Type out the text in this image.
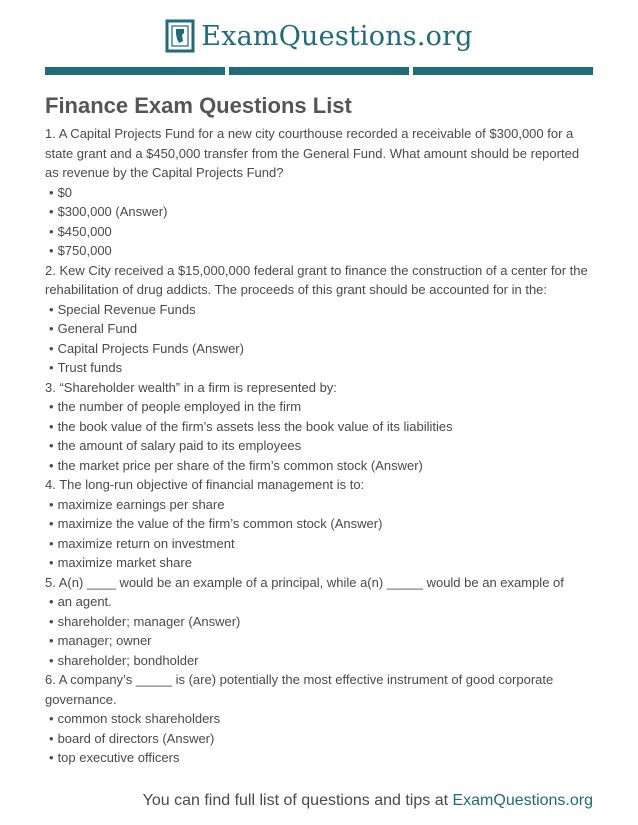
ExamQuestions.org
Finance Exam Questions List

1. A Capital Projects Fund for a new city courthouse recorded a receivable of $300,000 for a state grant and a $450,000 transfer from the General Fund. What amount should be reported as revenue by the Capital Projects Fund?

• $0
• $300,000 (Answer)
• $450,000
• $750,000

2. Kew City received a $15,000,000 federal grant to finance the construction of a center for the rehabilitation of drug addicts. The proceeds of this grant should be accounted for in the:

• Special Revenue Funds
• General Fund
• Capital Projects Funds (Answer)
• Trust funds

3. “Shareholder wealth” in a firm is represented by:

• the number of people employed in the firm
• the book value of the firm’s assets less the book value of its liabilities
• the amount of salary paid to its employees
• the market price per share of the firm’s common stock (Answer)

4. The long-run objective of financial management is to:

• maximize earnings per share
• maximize the value of the firm’s common stock (Answer)
• maximize return on investment
• maximize market share

5. A(n) ____ would be an example of a principal, while a(n) _____ would be an example of

• an agent.
• shareholder; manager (Answer)
• manager; owner
• shareholder; bondholder

6. A company’s _____ is (are) potentially the most effective instrument of good corporate governance.

• common stock shareholders
• board of directors (Answer)
• top executive officers
You can find full list of questions and tips at ExamQuestions.org
